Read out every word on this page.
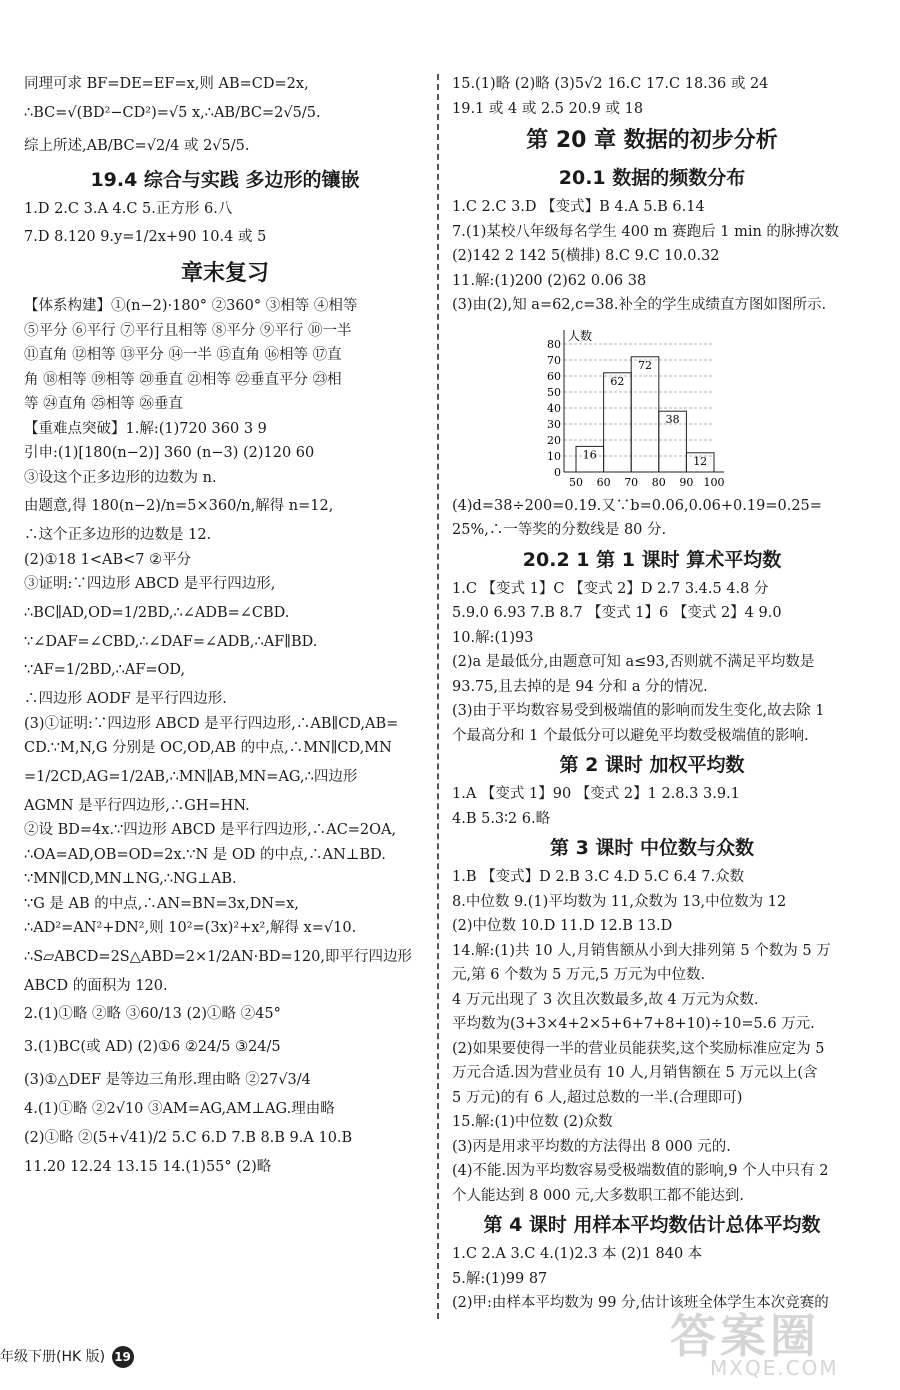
同理可求 BF=DE=EF=x,则 AB=CD=2x,
∴BC=√(BD²−CD²)=√5 x,∴AB/BC=2√5/5.
综上所述,AB/BC=√2/4 或 2√5/5.
19.4 综合与实践 多边形的镶嵌
1.D 2.C 3.A 4.C 5.正方形 6.八
7.D 8.120 9.y=1/2x+90 10.4 或 5
章末复习
【体系构建】①(n−2)·180° ②360° ③相等 ④相等
⑤平分 ⑥平行 ⑦平行且相等 ⑧平分 ⑨平行 ⑩一半
⑪直角 ⑫相等 ⑬平分 ⑭一半 ⑮直角 ⑯相等 ⑰直
角 ⑱相等 ⑲相等 ⑳垂直 ㉑相等 ㉒垂直平分 ㉓相
等 ㉔直角 ㉕相等 ㉖垂直
【重难点突破】1.解:(1)720 360 3 9
引申:(1)[180(n−2)] 360 (n−3) (2)120 60
③设这个正多边形的边数为 n.
由题意,得 180(n−2)/n=5×360/n,解得 n=12,
∴这个正多边形的边数是 12.
(2)①18 1<AB<7 ②平分
③证明:∵四边形 ABCD 是平行四边形,
∴BC∥AD,OD=1/2BD,∴∠ADB=∠CBD.
∵∠DAF=∠CBD,∴∠DAF=∠ADB,∴AF∥BD.
∵AF=1/2BD,∴AF=OD,
∴四边形 AODF 是平行四边形.
(3)①证明:∵四边形 ABCD 是平行四边形,∴AB∥CD,AB=
CD.∵M,N,G 分别是 OC,OD,AB 的中点,∴MN∥CD,MN
=1/2CD,AG=1/2AB,∴MN∥AB,MN=AG,∴四边形
AGMN 是平行四边形,∴GH=HN.
②设 BD=4x.∵四边形 ABCD 是平行四边形,∴AC=2OA,
∴OA=AD,OB=OD=2x.∵N 是 OD 的中点,∴AN⊥BD.
∵MN∥CD,MN⊥NG,∴NG⊥AB.
∵G 是 AB 的中点,∴AN=BN=3x,DN=x,
∴AD²=AN²+DN²,则 10²=(3x)²+x²,解得 x=√10.
∴S▱ABCD=2S△ABD=2×1/2AN·BD=120,即平行四边形
ABCD 的面积为 120.
2.(1)①略 ②略 ③60/13 (2)①略 ②45°
3.(1)BC(或 AD) (2)①6 ②24/5 ③24/5
(3)①△DEF 是等边三角形.理由略 ②27√3/4
4.(1)①略 ②2√10 ③AM=AG,AM⊥AG.理由略
(2)①略 ②(5+√41)/2 5.C 6.D 7.B 8.B 9.A 10.B
11.20 12.24 13.15 14.(1)55° (2)略
15.(1)略 (2)略 (3)5√2 16.C 17.C 18.36 或 24
19.1 或 4 或 2.5 20.9 或 18
第 20 章 数据的初步分析
20.1 数据的频数分布
1.C 2.C 3.D 【变式】B 4.A 5.B 6.14
7.(1)某校八年级每名学生 400 m 赛跑后 1 min 的脉搏次数
(2)142 2 142 5(横排) 8.C 9.C 10.0.32
11.解:(1)200 (2)62 0.06 38
(3)由(2),知 a=62,c=38.补全的学生成绩直方图如图所示.
0
10
20
30
40
50
60
70
80
50 60 70 80 90 100
16
62
72
38
12
人数
(4)d=38÷200=0.19.又∵b=0.06,0.06+0.19=0.25=
25%,∴一等奖的分数线是 80 分.
20.2 1 第 1 课时 算术平均数
1.C 【变式 1】C 【变式 2】D 2.7 3.4.5 4.8 分
5.9.0 6.93 7.B 8.7 【变式 1】6 【变式 2】4 9.0
10.解:(1)93
(2)a 是最低分,由题意可知 a≤93,否则就不满足平均数是
93.75,且去掉的是 94 分和 a 分的情况.
(3)由于平均数容易受到极端值的影响而发生变化,故去除 1
个最高分和 1 个最低分可以避免平均数受极端值的影响.
第 2 课时 加权平均数
1.A 【变式 1】90 【变式 2】1 2.8.3 3.9.1
4.B 5.3∶2 6.略
第 3 课时 中位数与众数
1.B 【变式】D 2.B 3.C 4.D 5.C 6.4 7.众数
8.中位数 9.(1)平均数为 11,众数为 13,中位数为 12
(2)中位数 10.D 11.D 12.B 13.D
14.解:(1)共 10 人,月销售额从小到大排列第 5 个数为 5 万
元,第 6 个数为 5 万元,5 万元为中位数.
4 万元出现了 3 次且次数最多,故 4 万元为众数.
平均数为(3+3×4+2×5+6+7+8+10)÷10=5.6 万元.
(2)如果要使得一半的营业员能获奖,这个奖励标准应定为 5
万元合适.因为营业员有 10 人,月销售额在 5 万元以上(含
5 万元)的有 6 人,超过总数的一半.(合理即可)
15.解:(1)中位数 (2)众数
(3)丙是用求平均数的方法得出 8 000 元的.
(4)不能.因为平均数容易受极端数值的影响,9 个人中只有 2
个人能达到 8 000 元,大多数职工都不能达到.
第 4 课时 用样本平均数估计总体平均数
1.C 2.A 3.C 4.(1)2.3 本 (2)1 840 本
5.解:(1)99 87
(2)甲:由样本平均数为 99 分,估计该班全体学生本次竞赛的
年级下册(HK 版) 19	答案圈
MXQE.COM
